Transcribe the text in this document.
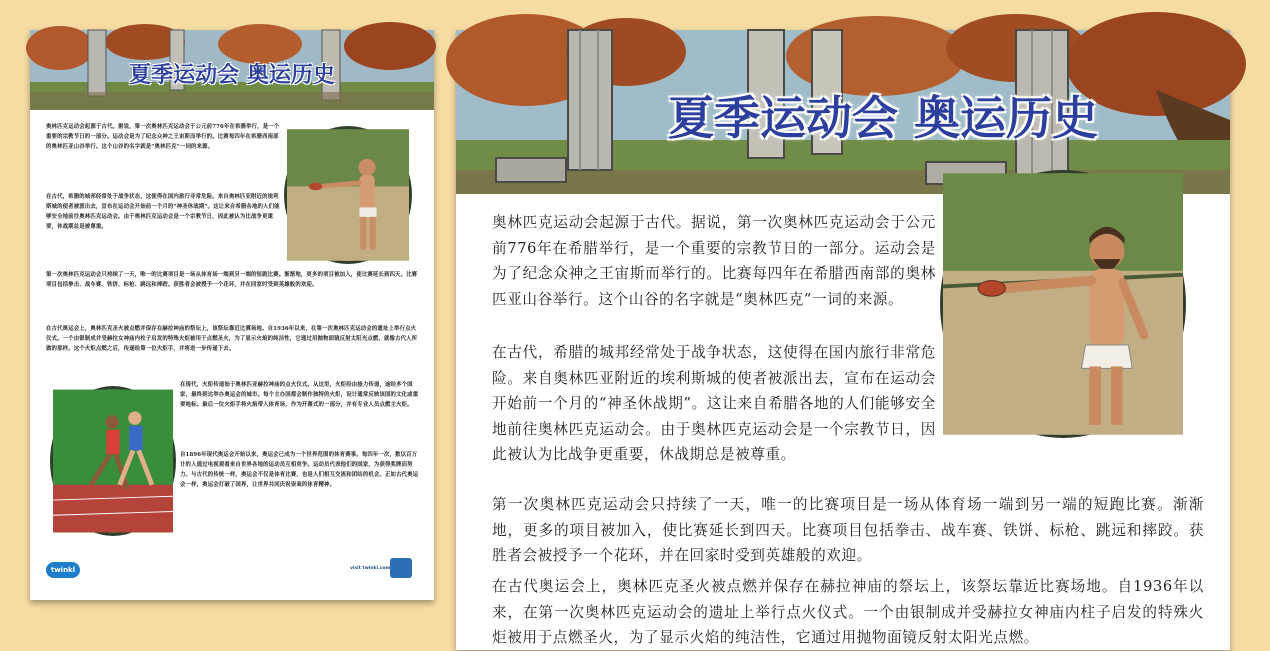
夏季运动会 奥运历史
奥林匹克运动会起源于古代。据说，第一次奥林匹克运动会于公元前776年在希腊举行，是一个重要的宗教节日的一部分。运动会是为了纪念众神之王宙斯而举行的。比赛每四年在希腊西南部的奥林匹亚山谷举行。这个山谷的名字就是“奥林匹克”一词的来源。
在古代，希腊的城邦经常处于战争状态，这使得在国内旅行非常危险。来自奥林匹亚附近的埃利斯城的使者被派出去，宣布在运动会开始前一个月的“神圣休战期”。这让来自希腊各地的人们能够安全地前往奥林匹克运动会。由于奥林匹克运动会是一个宗教节日，因此被认为比战争更重要，休战期总是被尊重。
第一次奥林匹克运动会只持续了一天，唯一的比赛项目是一场从体育场一端到另一端的短跑比赛。渐渐地，更多的项目被加入，使比赛延长到四天。比赛项目包括拳击、战车赛、铁饼、标枪、跳远和摔跤。获胜者会被授予一个花环，并在回家时受到英雄般的欢迎。
在古代奥运会上，奥林匹克圣火被点燃并保存在赫拉神庙的祭坛上，该祭坛靠近比赛场地。自1936年以来，在第一次奥林匹克运动会的遗址上举行点火仪式。一个由银制成并受赫拉女神庙内柱子启发的特殊火炬被用于点燃圣火，为了显示火焰的纯洁性，它通过用抛物面镜反射太阳光点燃，就像古代人所做的那样。这个火炬点燃之后，传递给第一位火炬手，并将进一步传递下去。
在现代，火炬传递始于奥林匹亚赫拉神庙的点火仪式。从这里，火炬经由接力传递，途经多个国家，最终到达举办奥运会的城市。每个主办国都会制作独特的火炬，设计通常反映该国的文化或重要地标。最后一位火炬手将火焰带入体育场，作为开幕式的一部分，并有专业人员点燃主火炬。
自1896年现代奥运会开始以来，奥运会已成为一个世界范围的体育赛事。每四年一次，数以百万计的人通过电视观看来自世界各地的运动员互相竞争。运动员代表他们的国家，为获得奖牌而努力。与古代的传统一样，奥运会不仅是体育比赛，也是人们相互交流和团结的机会。正如古代奥运会一样，奥运会打破了国界，让世界共同庆祝崇高的体育精神。
twinkl	visit twinkl.com
夏季运动会 奥运历史
奥林匹克运动会起源于古代。据说，第一次奥林匹克运动会于公元前776年在希腊举行，是一个重要的宗教节日的一部分。运动会是为了纪念众神之王宙斯而举行的。比赛每四年在希腊西南部的奥林匹亚山谷举行。这个山谷的名字就是“奥林匹克”一词的来源。
在古代，希腊的城邦经常处于战争状态，这使得在国内旅行非常危险。来自奥林匹亚附近的埃利斯城的使者被派出去，宣布在运动会开始前一个月的“神圣休战期”。这让来自希腊各地的人们能够安全地前往奥林匹克运动会。由于奥林匹克运动会是一个宗教节日，因此被认为比战争更重要，休战期总是被尊重。
第一次奥林匹克运动会只持续了一天，唯一的比赛项目是一场从体育场一端到另一端的短跑比赛。渐渐地，更多的项目被加入，使比赛延长到四天。比赛项目包括拳击、战车赛、铁饼、标枪、跳远和摔跤。获胜者会被授予一个花环，并在回家时受到英雄般的欢迎。
在古代奥运会上，奥林匹克圣火被点燃并保存在赫拉神庙的祭坛上，该祭坛靠近比赛场地。自1936年以来，在第一次奥林匹克运动会的遗址上举行点火仪式。一个由银制成并受赫拉女神庙内柱子启发的特殊火炬被用于点燃圣火，为了显示火焰的纯洁性，它通过用抛物面镜反射太阳光点燃。
